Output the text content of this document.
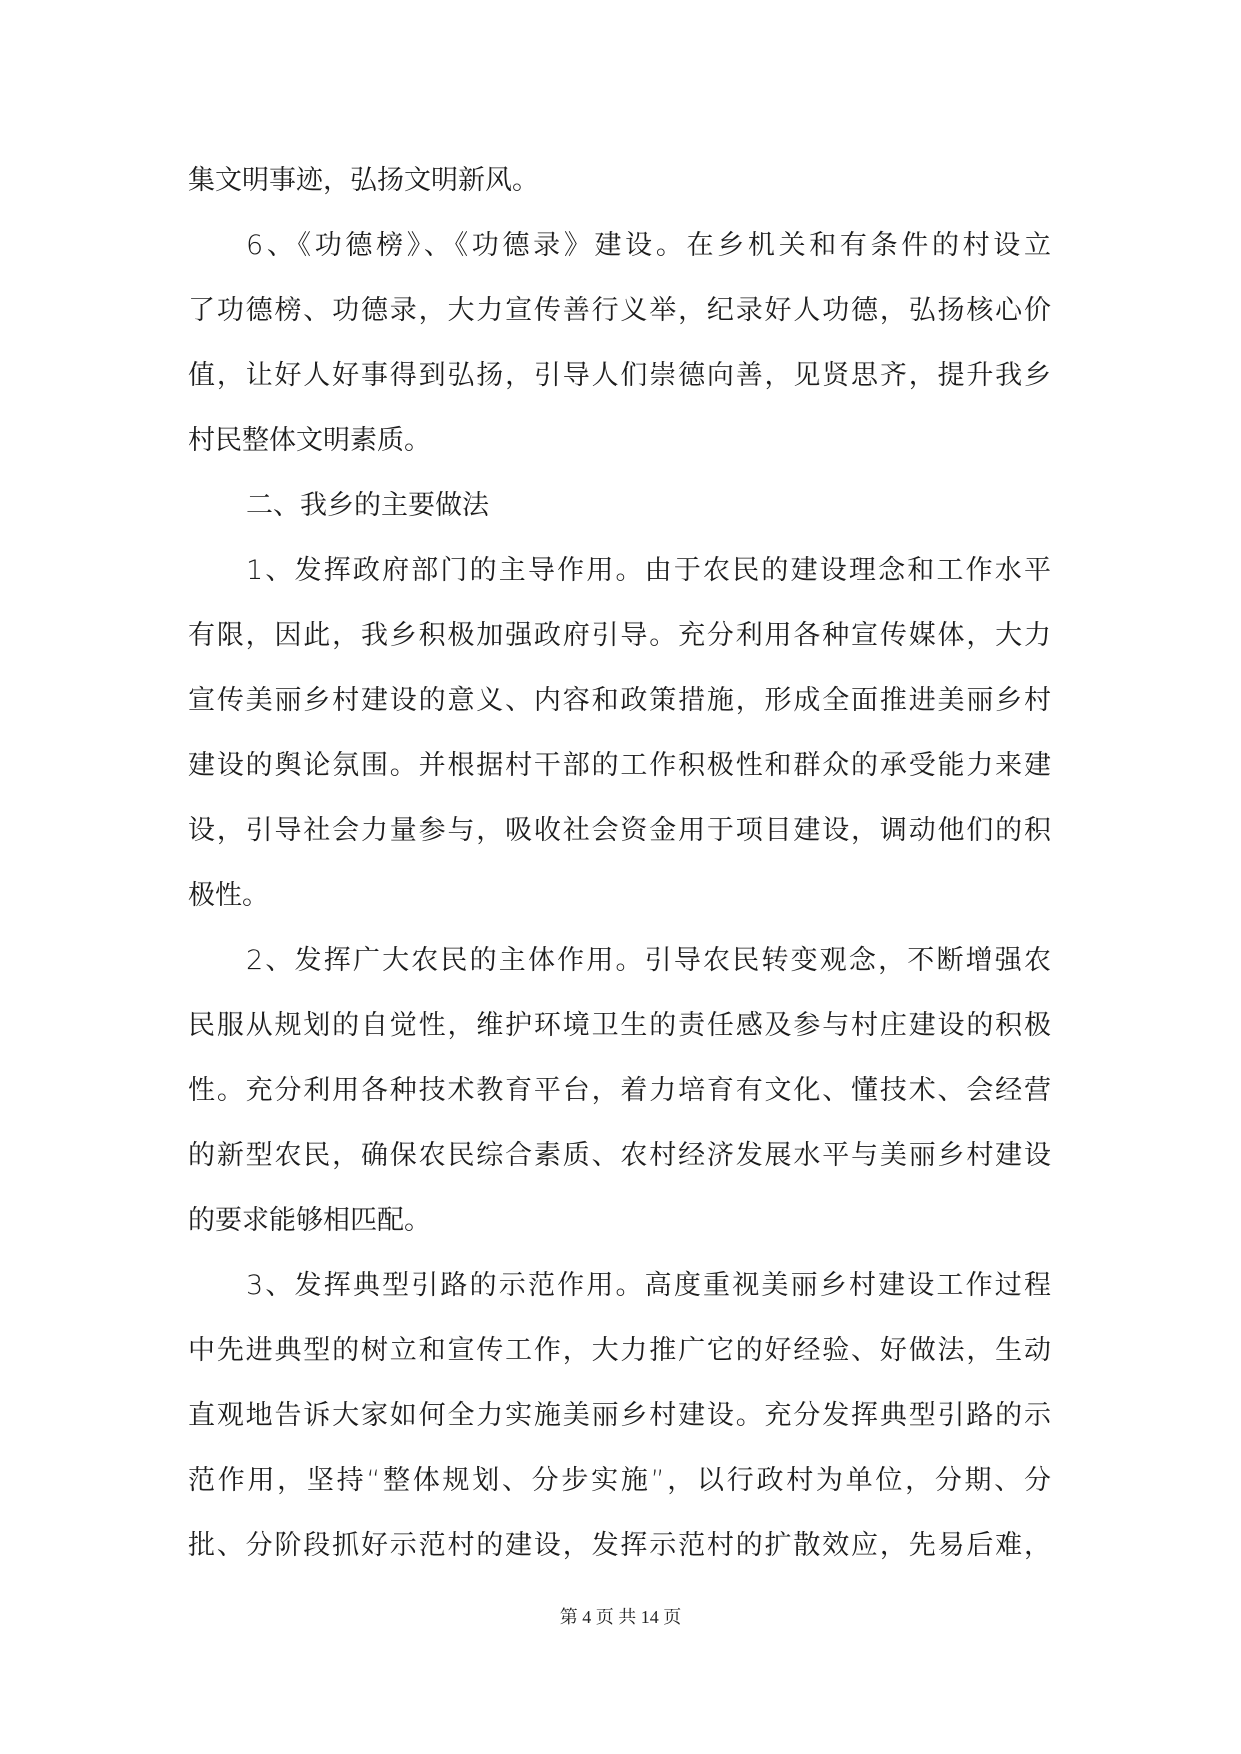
集文明事迹，弘扬文明新风。
6、《功德榜》、《功德录》建设。在乡机关和有条件的村设立
了功德榜、功德录，大力宣传善行义举，纪录好人功德，弘扬核心价
值，让好人好事得到弘扬，引导人们崇德向善，见贤思齐，提升我乡
村民整体文明素质。
二、我乡的主要做法
1、发挥政府部门的主导作用。由于农民的建设理念和工作水平
有限，因此，我乡积极加强政府引导。充分利用各种宣传媒体，大力
宣传美丽乡村建设的意义、内容和政策措施，形成全面推进美丽乡村
建设的舆论氛围。并根据村干部的工作积极性和群众的承受能力来建
设，引导社会力量参与，吸收社会资金用于项目建设，调动他们的积
极性。
2、发挥广大农民的主体作用。引导农民转变观念，不断增强农
民服从规划的自觉性，维护环境卫生的责任感及参与村庄建设的积极
性。充分利用各种技术教育平台，着力培育有文化、懂技术、会经营
的新型农民，确保农民综合素质、农村经济发展水平与美丽乡村建设
的要求能够相匹配。
3、发挥典型引路的示范作用。高度重视美丽乡村建设工作过程
中先进典型的树立和宣传工作，大力推广它的好经验、好做法，生动
直观地告诉大家如何全力实施美丽乡村建设。充分发挥典型引路的示
范作用，坚持“整体规划、分步实施”，以行政村为单位，分期、分
批、分阶段抓好示范村的建设，发挥示范村的扩散效应，先易后难，
第 4 页 共 14 页
